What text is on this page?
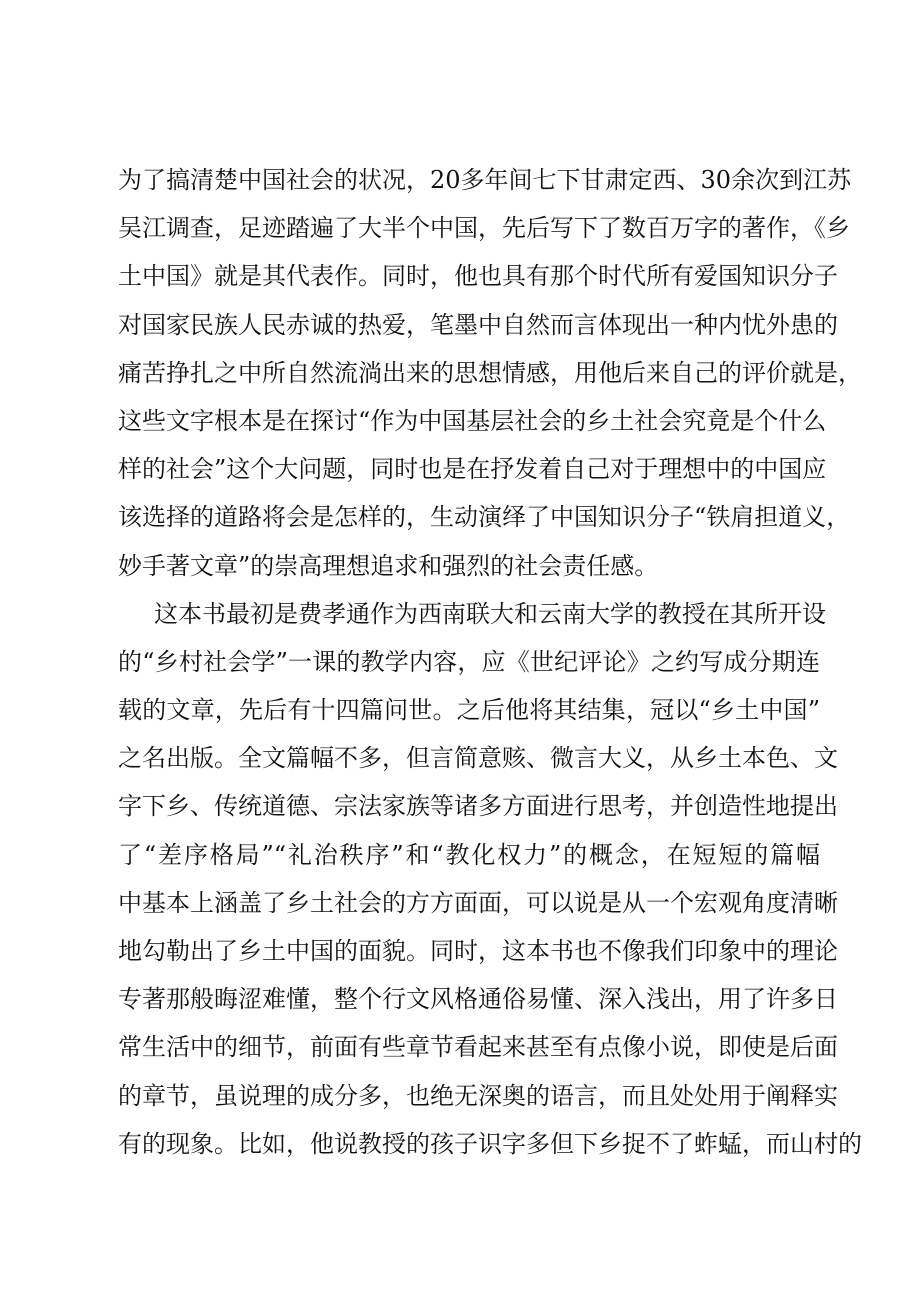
为了搞清楚中国社会的状况，20多年间七下甘肃定西、30余次到江苏
吴江调查，足迹踏遍了大半个中国，先后写下了数百万字的著作，《乡
土中国》就是其代表作。同时，他也具有那个时代所有爱国知识分子
对国家民族人民赤诚的热爱，笔墨中自然而言体现出一种内忧外患的
痛苦挣扎之中所自然流淌出来的思想情感，用他后来自己的评价就是，
这些文字根本是在探讨“作为中国基层社会的乡土社会究竟是个什么
样的社会”这个大问题，同时也是在抒发着自己对于理想中的中国应
该选择的道路将会是怎样的，生动演绎了中国知识分子“铁肩担道义，
妙手著文章”的崇高理想追求和强烈的社会责任感。
这本书最初是费孝通作为西南联大和云南大学的教授在其所开设
的“乡村社会学”一课的教学内容，应《世纪评论》之约写成分期连
载的文章，先后有十四篇问世。之后他将其结集，冠以“乡土中国”
之名出版。全文篇幅不多，但言简意赅、微言大义，从乡土本色、文
字下乡、传统道德、宗法家族等诸多方面进行思考，并创造性地提出
了“差序格局”“礼治秩序”和“教化权力”的概念，在短短的篇幅
中基本上涵盖了乡土社会的方方面面，可以说是从一个宏观角度清晰
地勾勒出了乡土中国的面貌。同时，这本书也不像我们印象中的理论
专著那般晦涩难懂，整个行文风格通俗易懂、深入浅出，用了许多日
常生活中的细节，前面有些章节看起来甚至有点像小说，即使是后面
的章节，虽说理的成分多，也绝无深奥的语言，而且处处用于阐释实
有的现象。比如，他说教授的孩子识字多但下乡捉不了蚱蜢，而山村的
